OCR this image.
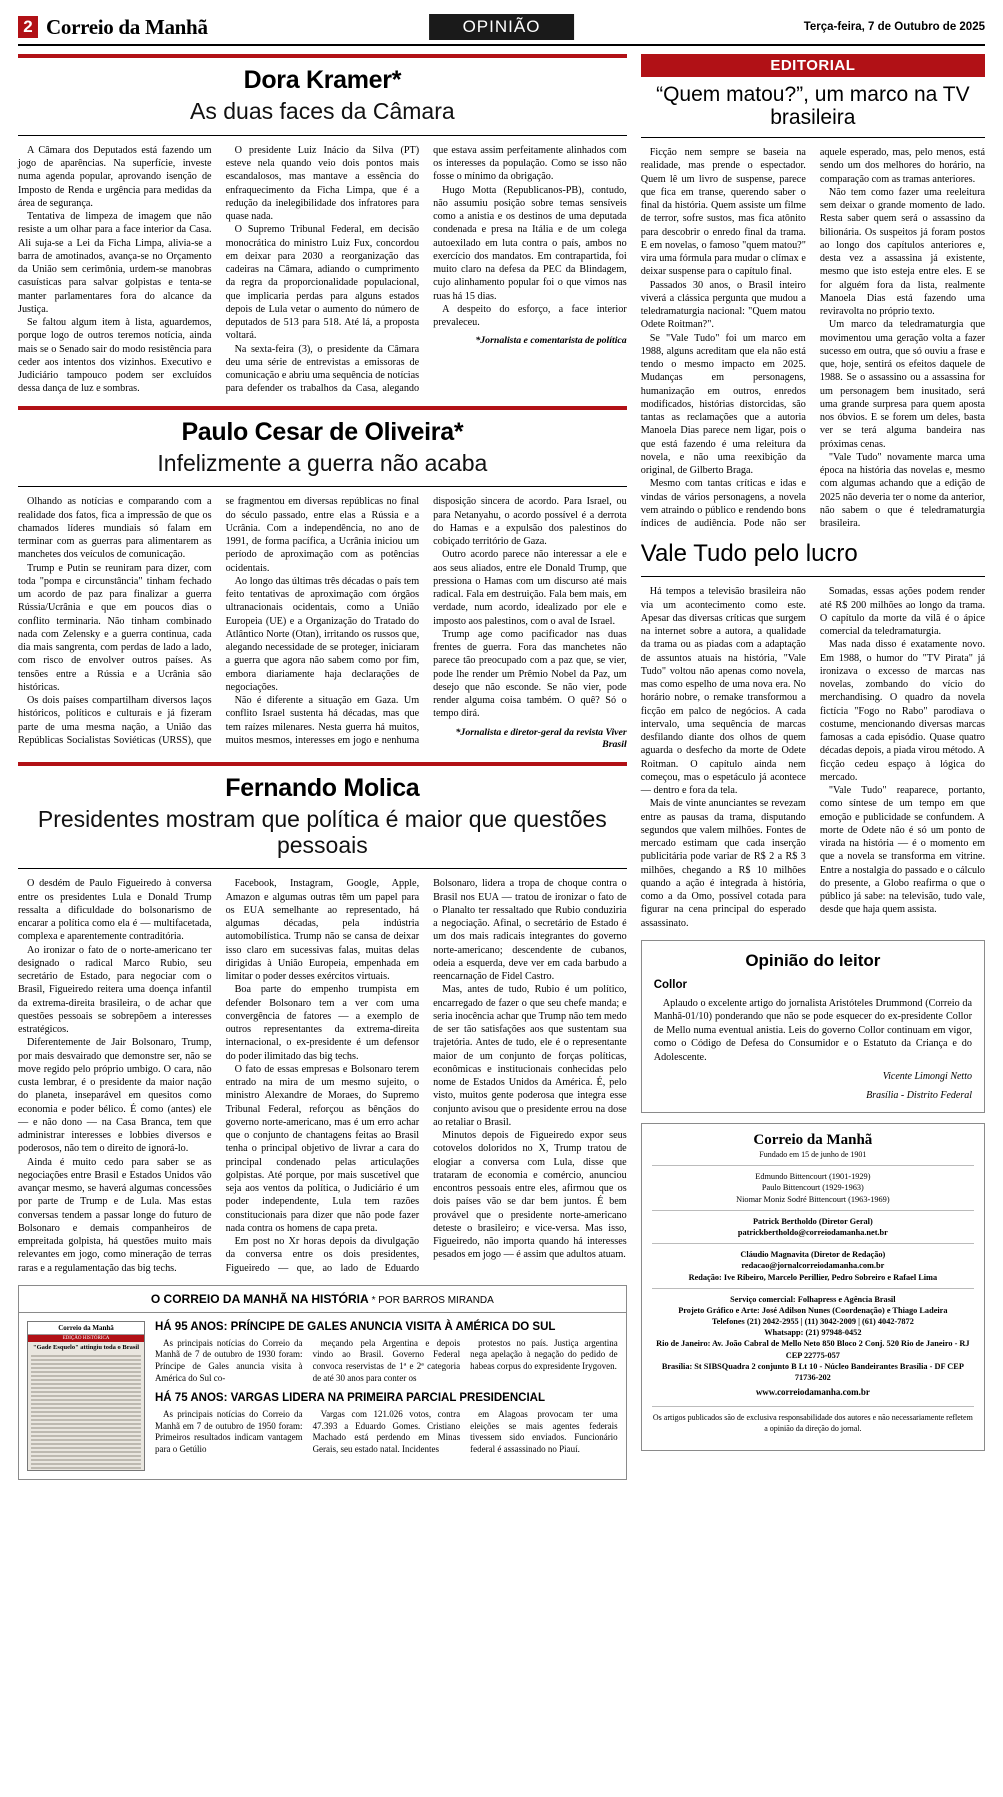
2 Correio da Manhã	OPINIÃO	Terça-feira, 7 de Outubro de 2025
Dora Kramer*
As duas faces da Câmara

A Câmara dos Deputados está fazendo um jogo de aparências. Na superfície, investe numa agenda popular, aprovando isenção de Imposto de Renda e urgência para medidas da área de segurança.

Tentativa de limpeza de imagem que não resiste a um olhar para a face interior da Casa. Ali suja-se a Lei da Ficha Limpa, alivia-se a barra de amotinados, avança-se no Orçamento da União sem cerimônia, urdem-se manobras casuísticas para salvar golpistas e tenta-se manter parlamentares fora do alcance da Justiça.

Se faltou algum item à lista, aguardemos, porque logo de outros teremos notícia, ainda mais se o Senado sair do modo resistência para ceder aos intentos dos vizinhos. Executivo e Judiciário tampouco podem ser excluídos dessa dança de luz e sombras.

O presidente Luiz Inácio da Silva (PT) esteve nela quando veio dois pontos mais escandalosos, mas mantave a essência do enfraquecimento da Ficha Limpa, que é a redução da inelegibilidade dos infratores para quase nada.

O Supremo Tribunal Federal, em decisão monocrática do ministro Luiz Fux, concordou em deixar para 2030 a reorganização das cadeiras na Câmara, adiando o cumprimento da regra da proporcionalidade populacional, que implicaria perdas para alguns estados depois de Lula vetar o aumento do número de deputados de 513 para 518. Até lá, a proposta voltará.

Na sexta-feira (3), o presidente da Câmara deu uma série de entrevistas a emissoras de comunicação e abriu uma sequência de notícias para defender os trabalhos da Casa, alegando que estava assim perfeitamente alinhados com os interesses da população. Como se isso não fosse o mínimo da obrigação.

Hugo Motta (Republicanos-PB), contudo, não assumiu posição sobre temas sensíveis como a anistia e os destinos de uma deputada condenada e presa na Itália e de um colega autoexilado em luta contra o país, ambos no exercício dos mandatos. Em contrapartida, foi muito claro na defesa da PEC da Blindagem, cujo alinhamento popular foi o que vimos nas ruas há 15 dias.

A despeito do esforço, a face interior prevaleceu.

*Jornalista e comentarista de política

Paulo Cesar de Oliveira*
Infelizmente a guerra não acaba

Olhando as notícias e comparando com a realidade dos fatos, fica a impressão de que os chamados líderes mundiais só falam em terminar com as guerras para alimentarem as manchetes dos veículos de comunicação.

Trump e Putin se reuniram para dizer, com toda "pompa e circunstância" tinham fechado um acordo de paz para finalizar a guerra Rússia/Ucrânia e que em poucos dias o conflito terminaria. Não tinham combinado nada com Zelensky e a guerra continua, cada dia mais sangrenta, com perdas de lado a lado, com risco de envolver outros países. As tensões entre a Rússia e a Ucrânia são históricas.

Os dois países compartilham diversos laços históricos, políticos e culturais e já fizeram parte de uma mesma nação, a União das Repúblicas Socialistas Soviéticas (URSS), que se fragmentou em diversas repúblicas no final do século passado, entre elas a Rússia e a Ucrânia. Com a independência, no ano de 1991, de forma pacífica, a Ucrânia iniciou um período de aproximação com as potências ocidentais.

Ao longo das últimas três décadas o país tem feito tentativas de aproximação com órgãos ultranacionais ocidentais, como a União Europeia (UE) e a Organização do Tratado do Atlântico Norte (Otan), irritando os russos que, alegando necessidade de se proteger, iniciaram a guerra que agora não sabem como por fim, embora diariamente haja declarações de negociações.

Não é diferente a situação em Gaza. Um conflito Israel sustenta há décadas, mas que tem raízes milenares. Nesta guerra há muitos, muitos mesmos, interesses em jogo e nenhuma disposição sincera de acordo. Para Israel, ou para Netanyahu, o acordo possível é a derrota do Hamas e a expulsão dos palestinos do cobiçado território de Gaza.

Outro acordo parece não interessar a ele e aos seus aliados, entre ele Donald Trump, que pressiona o Hamas com um discurso até mais radical. Fala em destruição. Fala bem mais, em verdade, num acordo, idealizado por ele e imposto aos palestinos, com o aval de Israel.

Trump age como pacificador nas duas frentes de guerra. Fora das manchetes não parece tão preocupado com a paz que, se vier, pode lhe render um Prêmio Nobel da Paz, um desejo que não esconde. Se não vier, pode render alguma coisa também. O quê? Só o tempo dirá.

*Jornalista e diretor-geral da revista Viver Brasil

Fernando Molica
Presidentes mostram que política é maior que questões pessoais

O desdém de Paulo Figueiredo à conversa entre os presidentes Lula e Donald Trump ressalta a dificuldade do bolsonarismo de encarar a política como ela é — multifacetada, complexa e aparentemente contraditória.

Ao ironizar o fato de o norte-americano ter designado o radical Marco Rubio, seu secretário de Estado, para negociar com o Brasil, Figueiredo reitera uma doença infantil da extrema-direita brasileira, o de achar que questões pessoais se sobrepõem a interesses estratégicos.

Diferentemente de Jair Bolsonaro, Trump, por mais desvairado que demonstre ser, não se move regido pelo próprio umbigo. O cara, não custa lembrar, é o presidente da maior nação do planeta, inseparável em quesitos como economia e poder bélico. É como (antes) ele — e não dono — na Casa Branca, tem que administrar interesses e lobbies diversos e poderosos, não tem o direito de ignorá-lo.

Ainda é muito cedo para saber se as negociações entre Brasil e Estados Unidos vão avançar mesmo, se haverá algumas concessões por parte de Trump e de Lula. Mas estas conversas tendem a passar longe do futuro de Bolsonaro e demais companheiros de empreitada golpista, há questões muito mais relevantes em jogo, como mineração de terras raras e a regulamentação das big techs.

Facebook, Instagram, Google, Apple, Amazon e algumas outras têm um papel para os EUA semelhante ao representado, há algumas décadas, pela indústria automobilística. Trump não se cansa de deixar isso claro em sucessivas falas, muitas delas dirigidas à União Europeia, empenhada em limitar o poder desses exércitos virtuais.

Boa parte do empenho trumpista em defender Bolsonaro tem a ver com uma convergência de fatores — a exemplo de outros representantes da extrema-direita internacional, o ex-presidente é um defensor do poder ilimitado das big techs.

O fato de essas empresas e Bolsonaro terem entrado na mira de um mesmo sujeito, o ministro Alexandre de Moraes, do Supremo Tribunal Federal, reforçou as bênçãos do governo norte-americano, mas é um erro achar que o conjunto de chantagens feitas ao Brasil tenha o principal objetivo de livrar a cara do principal condenado pelas articulações golpistas. Até porque, por mais suscetível que seja aos ventos da política, o Judiciário é um poder independente, Lula tem razões constitucionais para dizer que não pode fazer nada contra os homens de capa preta.

Em post no Xr horas depois da divulgação da conversa entre os dois presidentes, Figueiredo — que, ao lado de Eduardo Bolsonaro, lidera a tropa de choque contra o Brasil nos EUA — tratou de ironizar o fato de o Planalto ter ressaltado que Rubio conduziria a negociação. Afinal, o secretário de Estado é um dos mais radicais integrantes do governo norte-americano; descendente de cubanos, odeia a esquerda, deve ver em cada barbudo a reencarnação de Fidel Castro.

Mas, antes de tudo, Rubio é um político, encarregado de fazer o que seu chefe manda; e seria inocência achar que Trump não tem medo de ser tão satisfações aos que sustentam sua trajetória. Antes de tudo, ele é o representante maior de um conjunto de forças políticas, econômicas e institucionais conhecidas pelo nome de Estados Unidos da América. É, pelo visto, muitos gente poderosa que integra esse conjunto avisou que o presidente errou na dose ao retaliar o Brasil.

Minutos depois de Figueiredo expor seus cotovelos doloridos no X, Trump tratou de elogiar a conversa com Lula, disse que trataram de economia e comércio, anunciou encontros pessoais entre eles, afirmou que os dois países vão se dar bem juntos. É bem provável que o presidente norte-americano deteste o brasileiro; e vice-versa. Mas isso, Figueiredo, não importa quando há interesses pesados em jogo — é assim que adultos atuam.

O CORREIO DA MANHÃ NA HISTÓRIA * POR BARROS MIRANDA
Correio da Manhã
EDIÇÃO HISTÓRICA
"Gade Esquelo" attingiu toda o Brasil

HÁ 95 ANOS: PRÍNCIPE DE GALES ANUNCIA VISITA À AMÉRICA DO SUL

As principais notícias do Correio da Manhã de 7 de outubro de 1930 foram: Príncipe de Gales anuncia visita à América do Sul co-

meçando pela Argentina e depois vindo ao Brasil. Governo Federal convoca reservistas de 1ª e 2ª categoria de até 30 anos para conter os

protestos no país. Justiça argentina nega apelação à negação do pedido de habeas corpus do expresidente Irygoven.

HÁ 75 ANOS: VARGAS LIDERA NA PRIMEIRA PARCIAL PRESIDENCIAL

As principais notícias do Correio da Manhã em 7 de outubro de 1950 foram: Primeiros resultados indicam vantagem para o Getúlio

Vargas com 121.026 votos, contra 47.393 a Eduardo Gomes. Cristiano Machado está perdendo em Minas Gerais, seu estado natal. Incidentes

em Alagoas provocam ter uma eleições se mais agentes federais tivessem sido enviados. Funcionário federal é assassinado no Piauí.

EDITORIAL
“Quem matou?”, um marco na TV brasileira

Ficção nem sempre se baseia na realidade, mas prende o espectador. Quem lê um livro de suspense, parece que fica em transe, querendo saber o final da história. Quem assiste um filme de terror, sofre sustos, mas fica atônito para descobrir o enredo final da trama. E em novelas, o famoso "quem matou?" vira uma fórmula para mudar o clímax e deixar suspense para o capítulo final.

Passados 30 anos, o Brasil inteiro viverá a clássica pergunta que mudou a teledramaturgia nacional: "Quem matou Odete Roitman?".

Se "Vale Tudo" foi um marco em 1988, alguns acreditam que ela não está tendo o mesmo impacto em 2025. Mudanças em personagens, humanização em outros, enredos modificados, histórias distorcidas, são tantas as reclamações que a autoria Manoela Dias parece nem ligar, pois o que está fazendo é uma releitura da novela, e não uma reexibição da original, de Gilberto Braga.

Mesmo com tantas críticas e idas e vindas de vários personagens, a novela vem atraindo o público e rendendo bons índices de audiência. Pode não ser aquele esperado, mas, pelo menos, está sendo um dos melhores do horário, na comparação com as tramas anteriores.

Não tem como fazer uma reeleitura sem deixar o grande momento de lado. Resta saber quem será o assassino da bilionária. Os suspeitos já foram postos ao longo dos capítulos anteriores e, desta vez a assassina já existente, mesmo que isto esteja entre eles. E se for alguém fora da lista, realmente Manoela Dias está fazendo uma reviravolta no próprio texto.

Um marco da teledramaturgia que movimentou uma geração volta a fazer sucesso em outra, que só ouviu a frase e que, hoje, sentirá os efeitos daquele de 1988. Se o assassino ou a assassina for um personagem bem inusitado, será uma grande surpresa para quem aposta nos óbvios. E se forem um deles, basta ver se terá alguma bandeira nas próximas cenas.

"Vale Tudo" novamente marca uma época na história das novelas e, mesmo com algumas achando que a edição de 2025 não deveria ter o nome da anterior, não sabem o que é teledramaturgia brasileira.

Vale Tudo pelo lucro

Há tempos a televisão brasileira não via um acontecimento como este. Apesar das diversas críticas que surgem na internet sobre a autora, a qualidade da trama ou as piadas com a adaptação de assuntos atuais na história, "Vale Tudo" voltou não apenas como novela, mas como espelho de uma nova era. No horário nobre, o remake transformou a ficção em palco de negócios. A cada intervalo, uma sequência de marcas desfilando diante dos olhos de quem aguarda o desfecho da morte de Odete Roitman. O capítulo ainda nem começou, mas o espetáculo já acontece — dentro e fora da tela.

Mais de vinte anunciantes se revezam entre as pausas da trama, disputando segundos que valem milhões. Fontes de mercado estimam que cada inserção publicitária pode variar de R$ 2 a R$ 3 milhões, chegando a R$ 10 milhões quando a ação é integrada à história, como a da Omo, possível cotada para figurar na cena principal do esperado assassinato.

Somadas, essas ações podem render até R$ 200 milhões ao longo da trama. O capítulo da morte da vilã é o ápice comercial da teledramaturgia.

Mas nada disso é exatamente novo. Em 1988, o humor do "TV Pirata" já ironizava o excesso de marcas nas novelas, zombando do vício do merchandising. O quadro da novela fictícia "Fogo no Rabo" parodiava o costume, mencionando diversas marcas famosas a cada episódio. Quase quatro décadas depois, a piada virou método. A ficção cedeu espaço à lógica do mercado.

"Vale Tudo" reaparece, portanto, como síntese de um tempo em que emoção e publicidade se confundem. A morte de Odete não é só um ponto de virada na história — é o momento em que a novela se transforma em vitrine. Entre a nostalgia do passado e o cálculo do presente, a Globo reafirma o que o público já sabe: na televisão, tudo vale, desde que haja quem assista.

Opinião do leitor
Collor

Aplaudo o excelente artigo do jornalista Aristóteles Drummond (Correio da Manhã-01/10) ponderando que não se pode esquecer do ex-presidente Collor de Mello numa eventual anistia. Leis do governo Collor continuam em vigor, como o Código de Defesa do Consumidor e o Estatuto da Criança e do Adolescente.

Vicente Limongi Netto

Brasília - Distrito Federal

Correio da Manhã
Fundado em 15 de junho de 1901

Edmundo Bittencourt (1901-1929)

Paulo Bittencourt (1929-1963)

Niomar Moniz Sodré Bittencourt (1963-1969)

Patrick Bertholdo (Diretor Geral)

patrickbertholdo@correiodamanha.net.br

Cláudio Magnavita (Diretor de Redação)

redacao@jornalcorreiodamanha.com.br

Redação: Ive Ribeiro, Marcelo Perillier, Pedro Sobreiro e Rafael Lima

Serviço comercial: Folhapress e Agência Brasil

Projeto Gráfico e Arte: José Adilson Nunes (Coordenação) e Thiago Ladeira

Telefones (21) 2042-2955 | (11) 3042-2009 | (61) 4042-7872

Whatsapp: (21) 97948-0452

Rio de Janeiro: Av. João Cabral de Mello Neto 850 Bloco 2 Conj. 520 Rio de Janeiro - RJ CEP 22775-057

Brasília: St SIBSQuadra 2 conjunto B Lt 10 - Núcleo Bandeirantes Brasília - DF CEP 71736-202

www.correiodamanha.com.br

Os artigos publicados são de exclusiva responsabilidade dos autores e não necessariamente refletem a opinião da direção do jornal.
